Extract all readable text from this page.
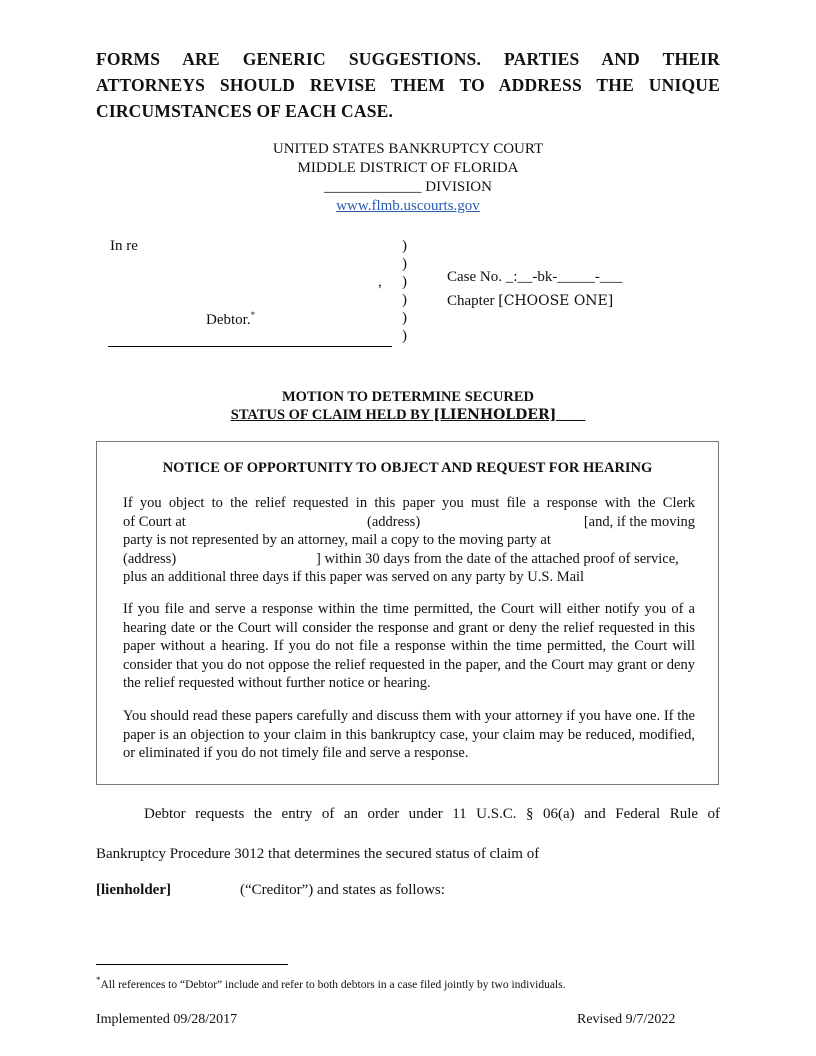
FORMS ARE GENERIC SUGGESTIONS. PARTIES AND THEIR
ATTORNEYS SHOULD REVISE THEM TO ADDRESS THE UNIQUE
CIRCUMSTANCES OF EACH CASE.
UNITED STATES BANKRUPTCY COURT
MIDDLE DISTRICT OF FLORIDA
_____________ DIVISION
www.flmb.uscourts.gov
In re
,
Debtor.*
)
)
)
)
)
)
Case No. _:__-bk-_____-___
Chapter [CHOOSE ONE]
MOTION TO DETERMINE SECURED
STATUS OF CLAIM HELD BY [LIENHOLDER]____
NOTICE OF OPPORTUNITY TO OBJECT AND REQUEST FOR HEARING
If you object to the relief requested in this paper you must file a response with the Clerk
of Court at	(address)	[and, if the moving
party is not represented by an attorney, mail a copy to the moving party at
(address)	] within 30 days from the date of the attached proof of service,
plus an additional three days if this paper was served on any party by U.S. Mail
If you file and serve a response within the time permitted, the Court will either notify you of a hearing date or the Court will consider the response and grant or deny the relief requested in this paper without a hearing. If you do not file a response within the time permitted, the Court will consider that you do not oppose the relief requested in the paper, and the Court may grant or deny the relief requested without further notice or hearing.
You should read these papers carefully and discuss them with your attorney if you have one. If the paper is an objection to your claim in this bankruptcy case, your claim may be reduced, modified, or eliminated if you do not timely file and serve a response.
Debtor requests the entry of an order under 11 U.S.C. § 06(a) and Federal Rule of
Bankruptcy Procedure 3012 that determines the secured status of claim of
[lienholder]	(“Creditor”) and states as follows:
*All references to “Debtor” include and refer to both debtors in a case filed jointly by two individuals.
Implemented 09/28/2017	Revised 9/7/2022
